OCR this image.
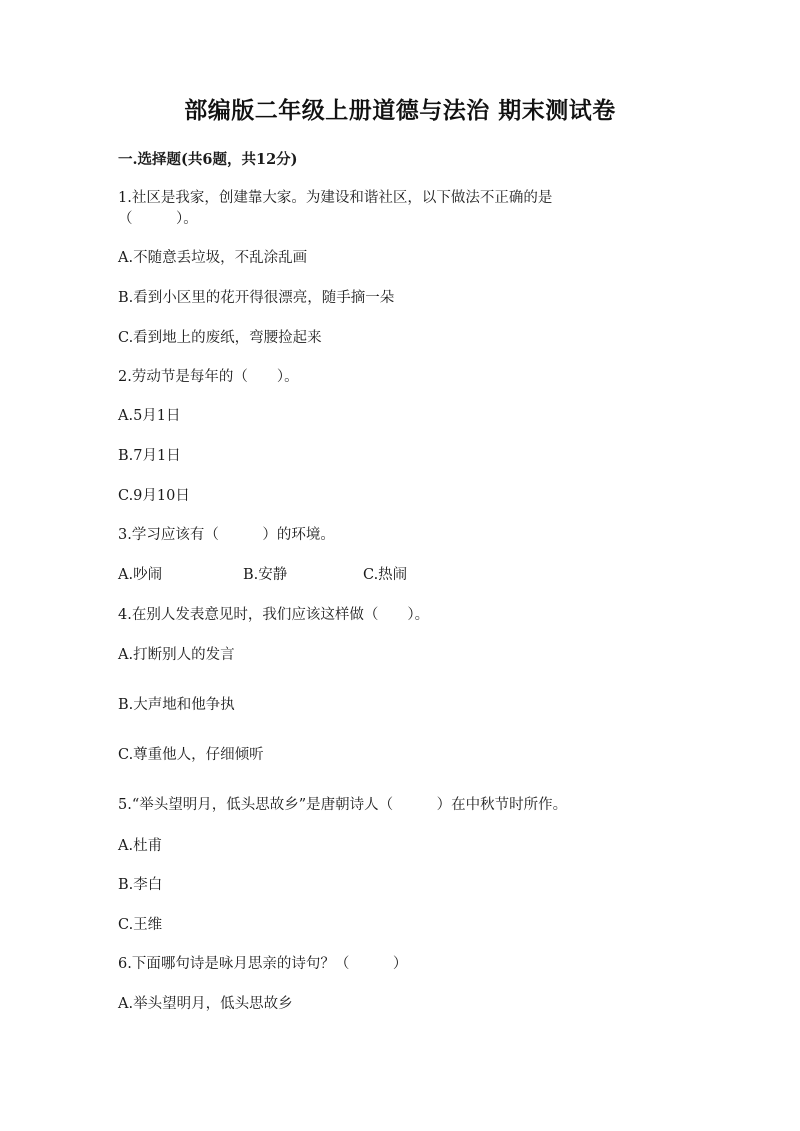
部编版二年级上册道德与法治 期末测试卷
一.选择题(共6题，共12分)
1.社区是我家，创建靠大家。为建设和谐社区，以下做法不正确的是
（　　　）。
A.不随意丢垃圾，不乱涂乱画
B.看到小区里的花开得很漂亮，随手摘一朵
C.看到地上的废纸，弯腰捡起来
2.劳动节是每年的（　　）。
A.5月1日
B.7月1日
C.9月10日
3.学习应该有（　　　）的环境。
A.吵闹	B.安静	C.热闹
4.在别人发表意见时，我们应该这样做（　　）。
A.打断别人的发言
B.大声地和他争执
C.尊重他人，仔细倾听
5.“举头望明月，低头思故乡”是唐朝诗人（　　　）在中秋节时所作。
A.杜甫
B.李白
C.王维
6.下面哪句诗是咏月思亲的诗句？（　　　）
A.举头望明月，低头思故乡
